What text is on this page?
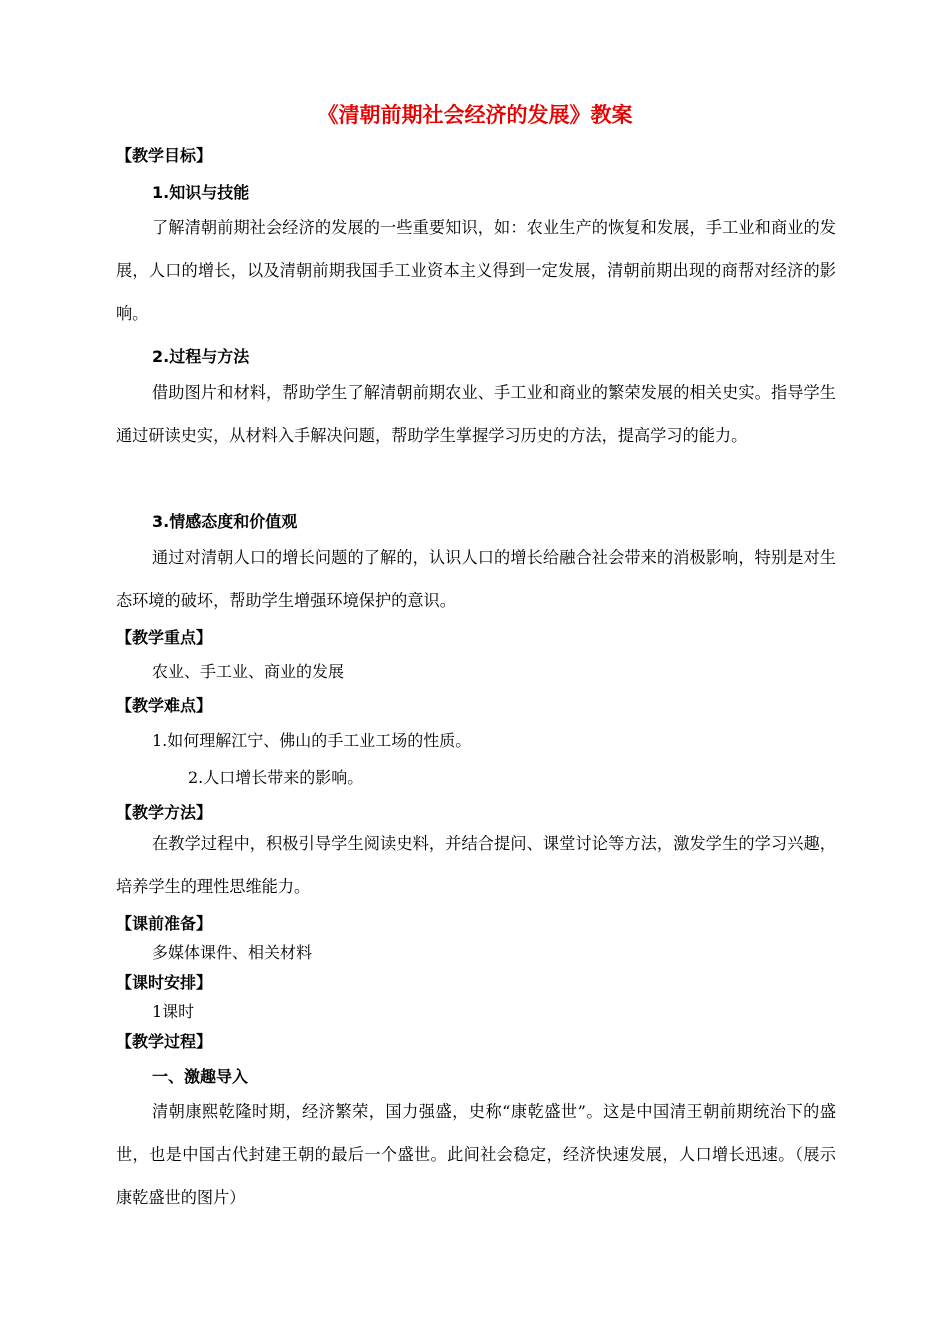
《清朝前期社会经济的发展》教案
【教学目标】
1.知识与技能
了解清朝前期社会经济的发展的一些重要知识，如：农业生产的恢复和发展，手工业和商业的发展，人口的增长，以及清朝前期我国手工业资本主义得到一定发展，清朝前期出现的商帮对经济的影响。
2.过程与方法
借助图片和材料，帮助学生了解清朝前期农业、手工业和商业的繁荣发展的相关史实。指导学生通过研读史实，从材料入手解决问题，帮助学生掌握学习历史的方法，提高学习的能力。
3.情感态度和价值观
通过对清朝人口的增长问题的了解的，认识人口的增长给融合社会带来的消极影响，特别是对生态环境的破坏，帮助学生增强环境保护的意识。
【教学重点】
农业、手工业、商业的发展
【教学难点】
1.如何理解江宁、佛山的手工业工场的性质。
2.人口增长带来的影响。
【教学方法】
在教学过程中，积极引导学生阅读史料，并结合提问、课堂讨论等方法，激发学生的学习兴趣，培养学生的理性思维能力。
【课前准备】
多媒体课件、相关材料
【课时安排】
1课时
【教学过程】
一、激趣导入
清朝康熙乾隆时期，经济繁荣，国力强盛，史称“康乾盛世”。这是中国清王朝前期统治下的盛世，也是中国古代封建王朝的最后一个盛世。此间社会稳定，经济快速发展，人口增长迅速。（展示康乾盛世的图片）
